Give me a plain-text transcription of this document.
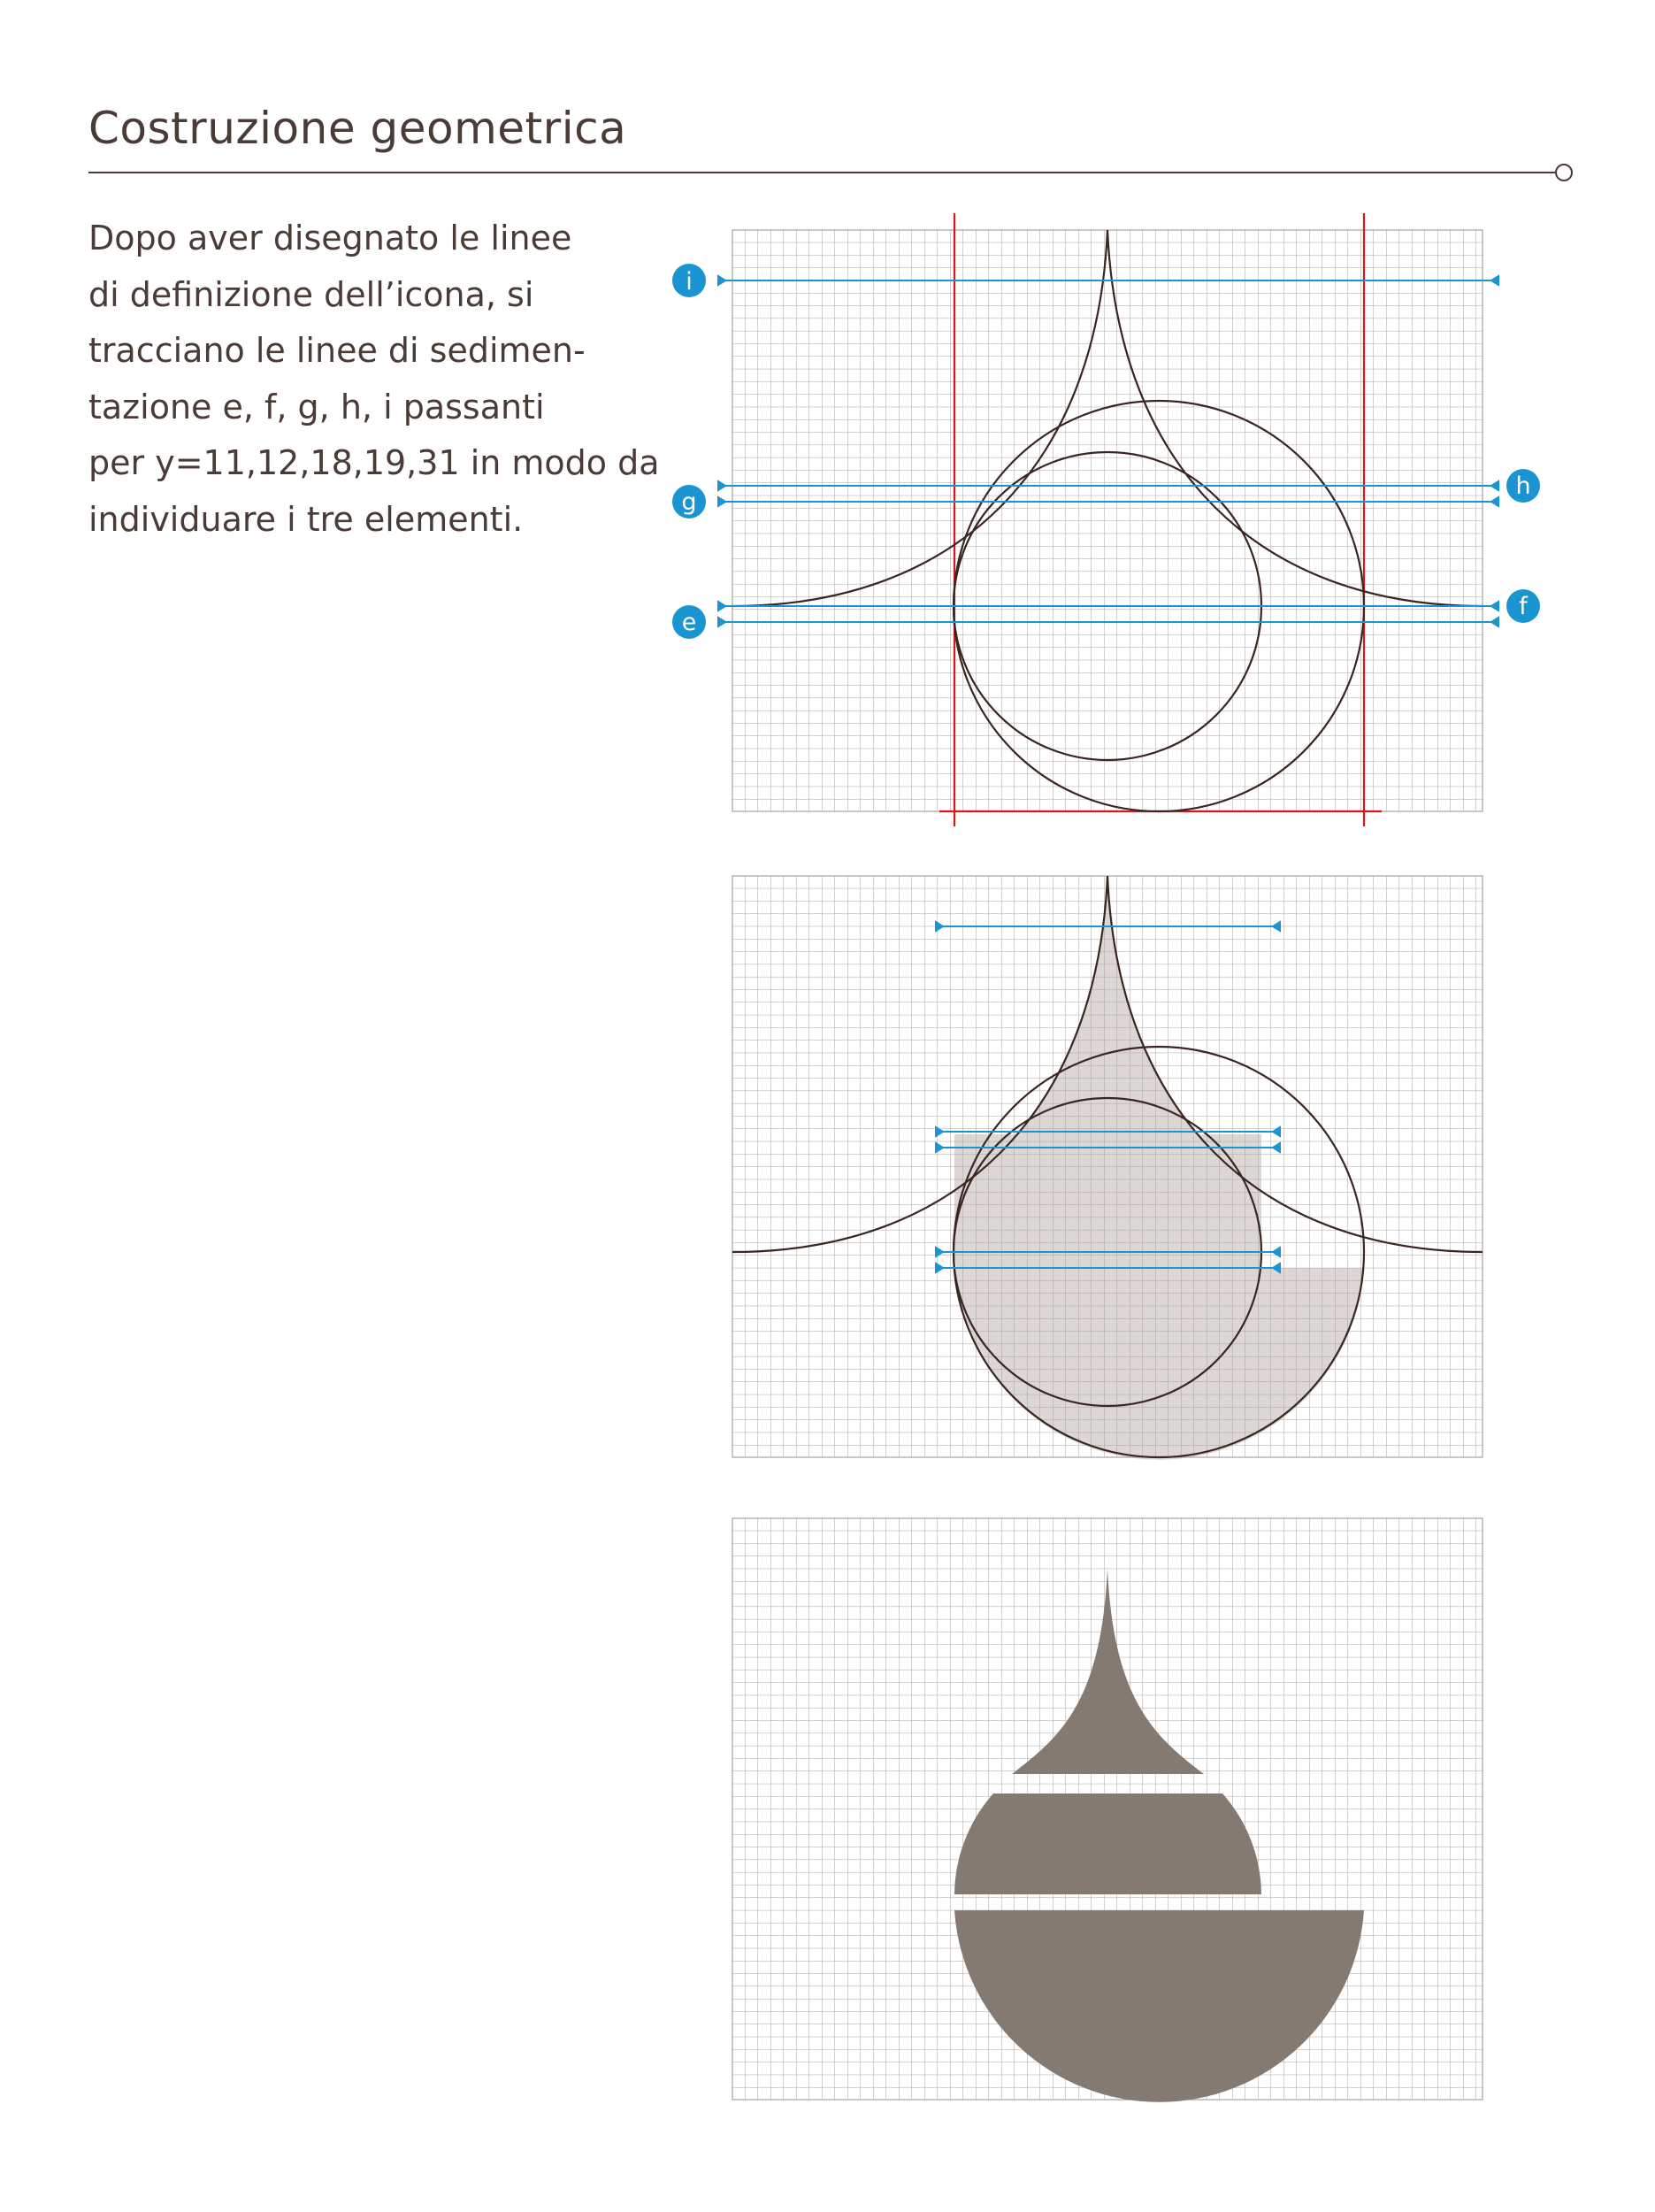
Costruzione geometrica

Dopo aver disegnato le linee
di definizione dell’icona, si
tracciano le linee di sedimen-
tazione e, f, g, h, i passanti
per y=11,12,18,19,31 in modo da
individuare i tre elementi.

i
g
e
h
f
